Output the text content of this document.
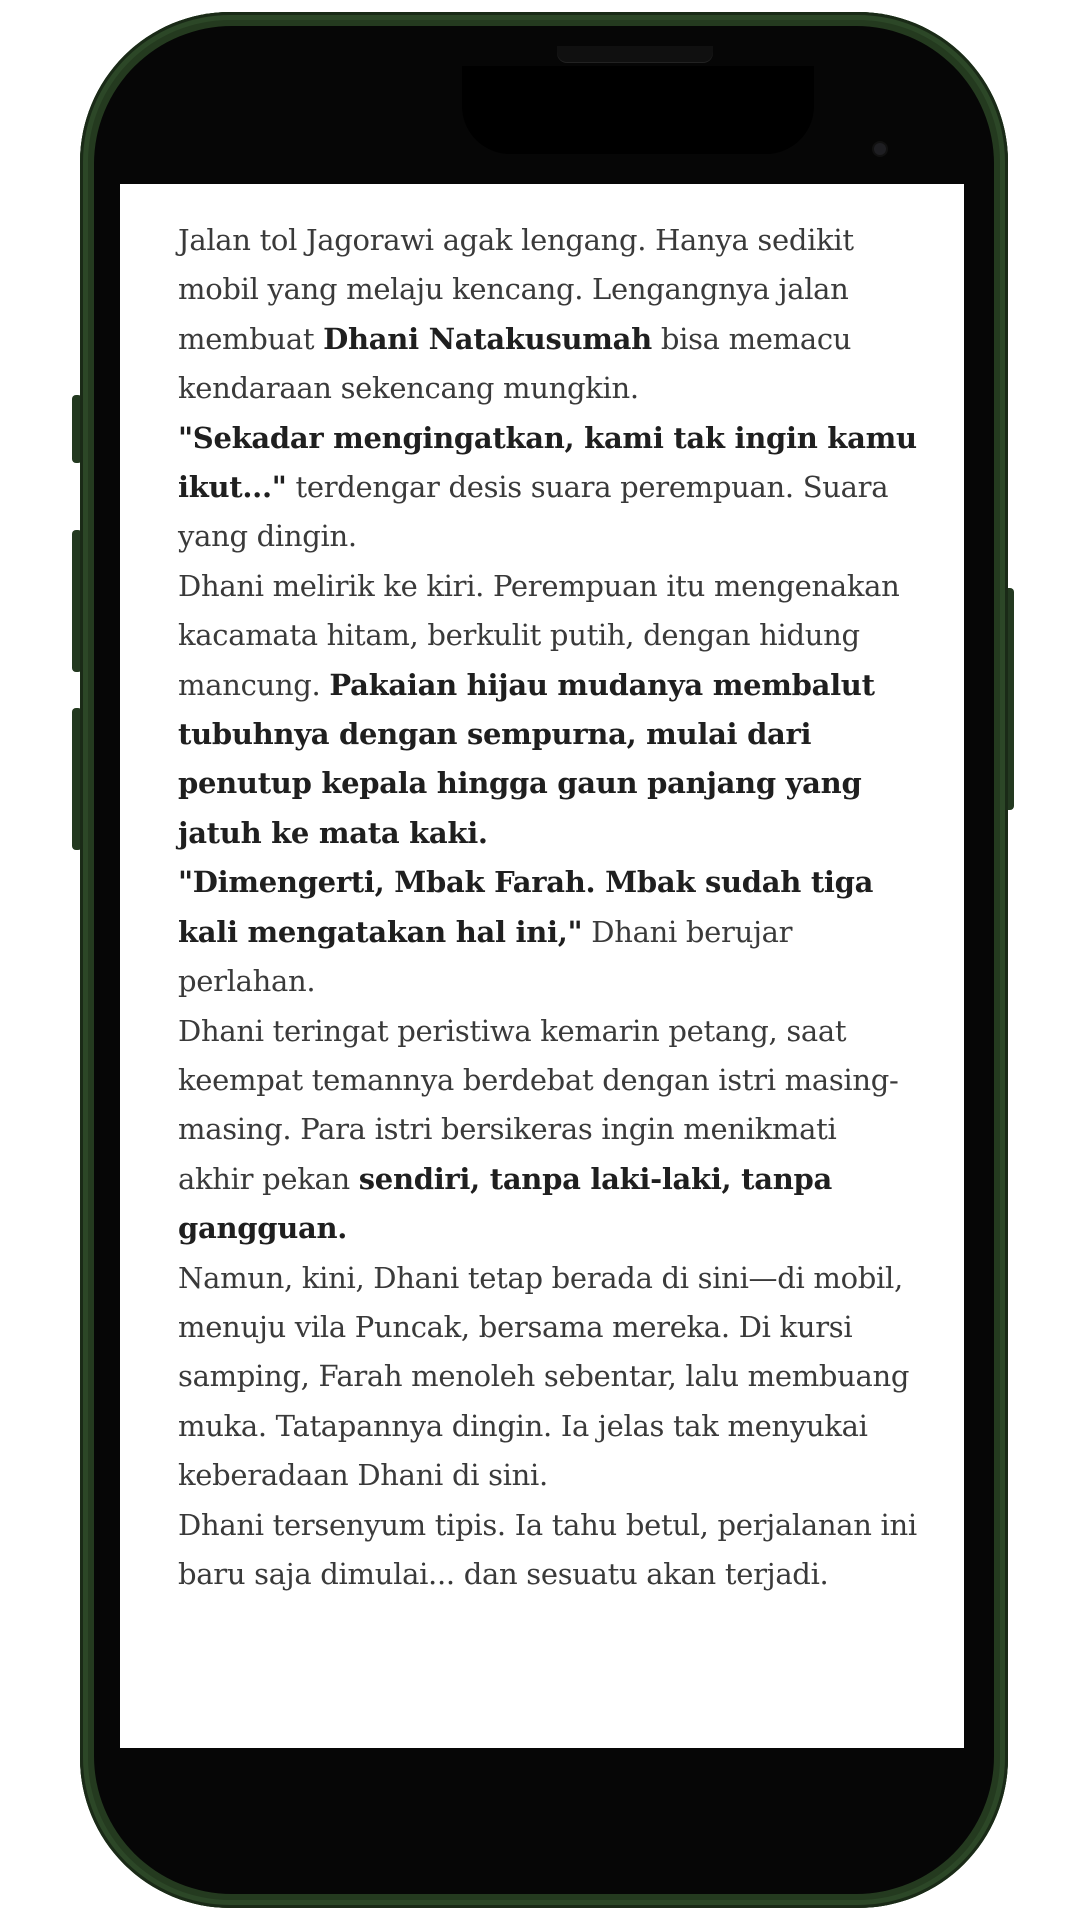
Jalan tol Jagorawi agak lengang. Hanya sedikit mobil yang melaju kencang. Lengangnya jalan membuat Dhani Natakusumah bisa memacu kendaraan sekencang mungkin.

"Sekadar mengingatkan, kami tak ingin kamu ikut..." terdengar desis suara perempuan. Suara yang dingin.

Dhani melirik ke kiri. Perempuan itu mengenakan kacamata hitam, berkulit putih, dengan hidung mancung. Pakaian hijau mudanya membalut tubuhnya dengan sempurna, mulai dari penutup kepala hingga gaun panjang yang jatuh ke mata kaki.

"Dimengerti, Mbak Farah. Mbak sudah tiga kali mengatakan hal ini," Dhani berujar perlahan.

Dhani teringat peristiwa kemarin petang, saat keempat temannya berdebat dengan istri masing-masing. Para istri bersikeras ingin menikmati akhir pekan sendiri, tanpa laki-laki, tanpa gangguan.

Namun, kini, Dhani tetap berada di sini—di mobil, menuju vila Puncak, bersama mereka. Di kursi samping, Farah menoleh sebentar, lalu membuang muka. Tatapannya dingin. Ia jelas tak menyukai keberadaan Dhani di sini.

Dhani tersenyum tipis. Ia tahu betul, perjalanan ini baru saja dimulai... dan sesuatu akan terjadi.
